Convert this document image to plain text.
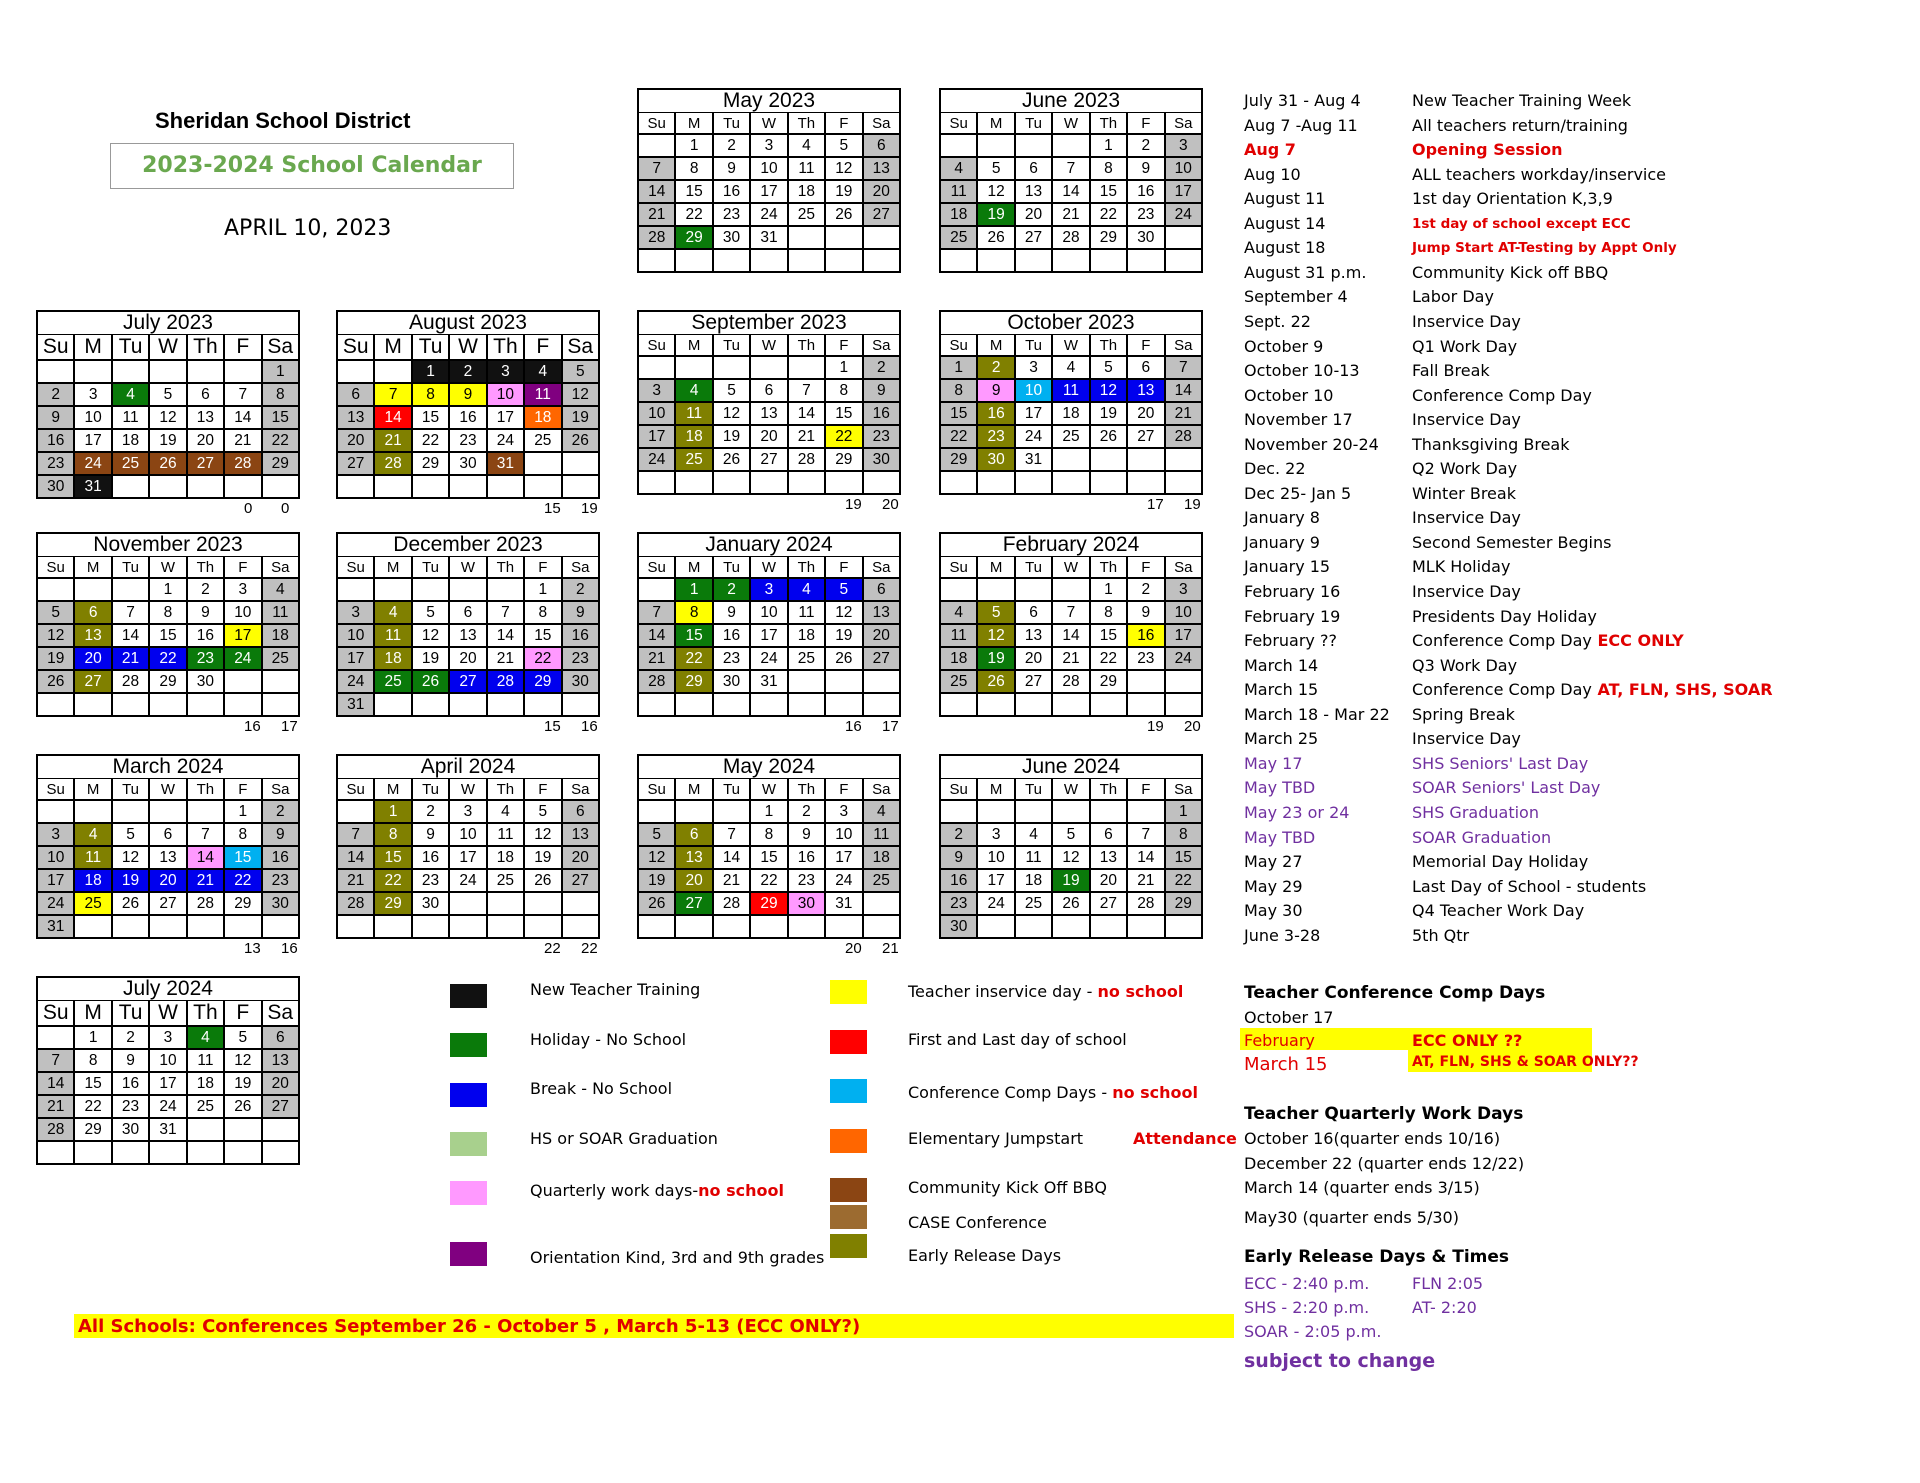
Sheridan School District
2023-2024 School Calendar
APRIL 10, 2023
May 2023
Su	M	Tu	W	Th	F	Sa
	1	2	3	4	5	6
7	8	9	10	11	12	13
14	15	16	17	18	19	20
21	22	23	24	25	26	27
28	29	30	31			

June 2023
Su	M	Tu	W	Th	F	Sa
				1	2	3
4	5	6	7	8	9	10
11	12	13	14	15	16	17
18	19	20	21	22	23	24
25	26	27	28	29	30	

July 2023
Su	M	Tu	W	Th	F	Sa
						1
2	3	4	5	6	7	8
9	10	11	12	13	14	15
16	17	18	19	20	21	22
23	24	25	26	27	28	29
30	31					
0 0
August 2023
Su	M	Tu	W	Th	F	Sa
		1	2	3	4	5
6	7	8	9	10	11	12
13	14	15	16	17	18	19
20	21	22	23	24	25	26
27	28	29	30	31		

15 19
September 2023
Su	M	Tu	W	Th	F	Sa
					1	2
3	4	5	6	7	8	9
10	11	12	13	14	15	16
17	18	19	20	21	22	23
24	25	26	27	28	29	30

19 20
October 2023
Su	M	Tu	W	Th	F	Sa
1	2	3	4	5	6	7
8	9	10	11	12	13	14
15	16	17	18	19	20	21
22	23	24	25	26	27	28
29	30	31				

17 19
November 2023
Su	M	Tu	W	Th	F	Sa
			1	2	3	4
5	6	7	8	9	10	11
12	13	14	15	16	17	18
19	20	21	22	23	24	25
26	27	28	29	30		

16 17
December 2023
Su	M	Tu	W	Th	F	Sa
					1	2
3	4	5	6	7	8	9
10	11	12	13	14	15	16
17	18	19	20	21	22	23
24	25	26	27	28	29	30
31						
15 16
January 2024
Su	M	Tu	W	Th	F	Sa
	1	2	3	4	5	6
7	8	9	10	11	12	13
14	15	16	17	18	19	20
21	22	23	24	25	26	27
28	29	30	31			

16 17
February 2024
Su	M	Tu	W	Th	F	Sa
				1	2	3
4	5	6	7	8	9	10
11	12	13	14	15	16	17
18	19	20	21	22	23	24
25	26	27	28	29		

19 20
March 2024
Su	M	Tu	W	Th	F	Sa
					1	2
3	4	5	6	7	8	9
10	11	12	13	14	15	16
17	18	19	20	21	22	23
24	25	26	27	28	29	30
31						
13 16
April 2024
Su	M	Tu	W	Th	F	Sa
	1	2	3	4	5	6
7	8	9	10	11	12	13
14	15	16	17	18	19	20
21	22	23	24	25	26	27
28	29	30				

22 22
May 2024
Su	M	Tu	W	Th	F	Sa
			1	2	3	4
5	6	7	8	9	10	11
12	13	14	15	16	17	18
19	20	21	22	23	24	25
26	27	28	29	30	31	

20 21
June 2024
Su	M	Tu	W	Th	F	Sa
						1
2	3	4	5	6	7	8
9	10	11	12	13	14	15
16	17	18	19	20	21	22
23	24	25	26	27	28	29
30						
July 2024
Su	M	Tu	W	Th	F	Sa
	1	2	3	4	5	6
7	8	9	10	11	12	13
14	15	16	17	18	19	20
21	22	23	24	25	26	27
28	29	30	31			

July 31 - Aug 4	New Teacher Training Week
Aug 7 -Aug 11	All teachers return/training
Aug 7	Opening Session
Aug 10	ALL teachers workday/inservice
August 11	1st day Orientation K,3,9
August 14	1st day of school except ECC
August 18	Jump Start AT-Testing by Appt Only
August 31 p.m.	Community Kick off BBQ
September 4	Labor Day
Sept. 22	Inservice Day
October 9	Q1 Work Day
October 10-13	Fall Break
October 10	Conference Comp Day
November 17	Inservice Day
November 20-24 Thanksgiving Break
Dec. 22	Q2 Work Day
Dec 25- Jan 5	Winter Break
January 8	Inservice Day
January 9	Second Semester Begins
January 15	MLK Holiday
February 16	Inservice Day
February 19	Presidents Day Holiday
February ??	Conference Comp Day ECC ONLY
March 14	Q3 Work Day
March 15	Conference Comp Day AT, FLN, SHS, SOAR
March 18 - Mar 22 Spring Break
March 25	Inservice Day
May 17	SHS Seniors' Last Day
May TBD	SOAR Seniors' Last Day
May 23 or 24	SHS Graduation
May TBD	SOAR Graduation
May 27	Memorial Day Holiday
May 29	Last Day of School - students
May 30	Q4 Teacher Work Day
June 3-28	5th Qtr
Teacher Conference Comp Days
October 17
February	ECC ONLY ??
March 15	AT, FLN, SHS & SOAR ONLY??
Teacher Quarterly Work Days
October 16(quarter ends 10/16)
December 22 (quarter ends 12/22)
March 14 (quarter ends 3/15)
May30 (quarter ends 5/30)
Early Release Days & Times
ECC - 2:40 p.m.	FLN 2:05
SHS - 2:20 p.m.	AT- 2:20
SOAR - 2:05 p.m.
subject to change
New Teacher Training
Holiday - No School
Break - No School
HS or SOAR Graduation
Quarterly work days-no school
Orientation Kind, 3rd and 9th grades
Teacher inservice day - no school
First and Last day of school
Conference Comp Days - no school
Elementary Jumpstart	Attendance
Community Kick Off BBQ
CASE Conference
Early Release Days
All Schools: Conferences September 26 - October 5 , March 5-13 (ECC ONLY?)
